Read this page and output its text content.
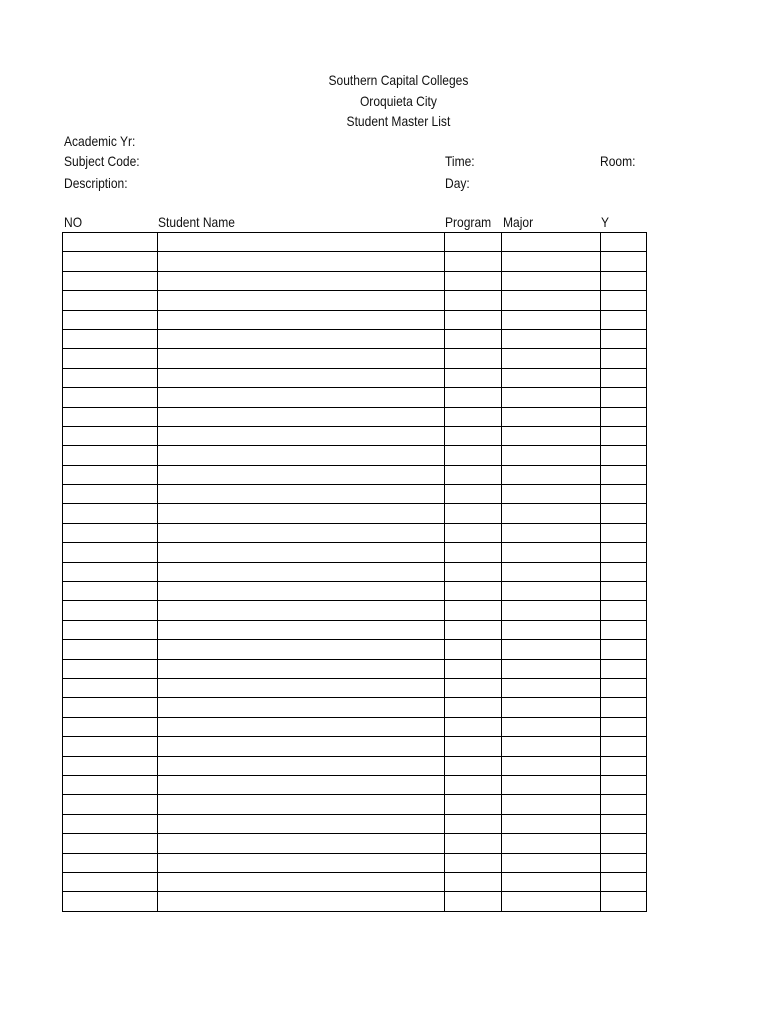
Southern Capital Colleges
Oroquieta City
Student Master List
Academic Yr:
Subject Code:
Description:
Time:
Day:
Room:
NO	Student Name	Program Major	Y
